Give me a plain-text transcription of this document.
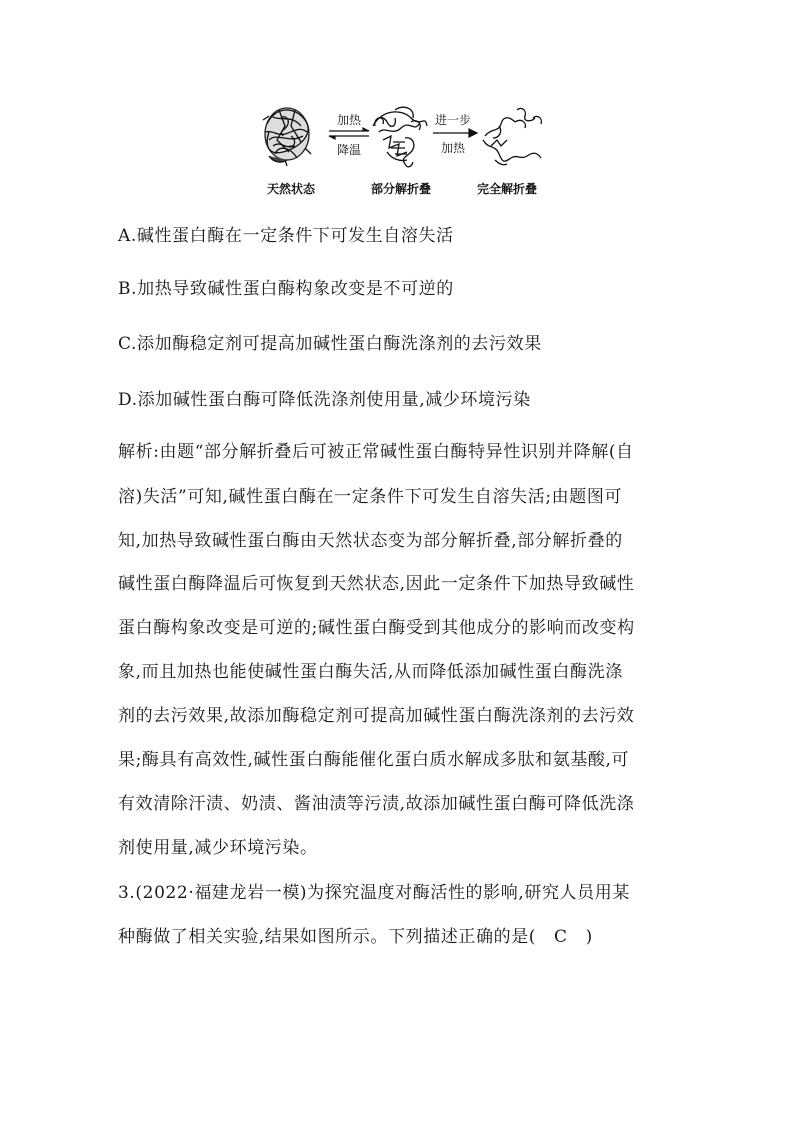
加热
降温
进一步
加热
天然状态	部分解折叠	完全解折叠
A.碱性蛋白酶在一定条件下可发生自溶失活
B.加热导致碱性蛋白酶构象改变是不可逆的
C.添加酶稳定剂可提高加碱性蛋白酶洗涤剂的去污效果
D.添加碱性蛋白酶可降低洗涤剂使用量,减少环境污染
解析:由题“部分解折叠后可被正常碱性蛋白酶特异性识别并降解(自
溶)失活”可知,碱性蛋白酶在一定条件下可发生自溶失活;由题图可
知,加热导致碱性蛋白酶由天然状态变为部分解折叠,部分解折叠的
碱性蛋白酶降温后可恢复到天然状态,因此一定条件下加热导致碱性
蛋白酶构象改变是可逆的;碱性蛋白酶受到其他成分的影响而改变构
象,而且加热也能使碱性蛋白酶失活,从而降低添加碱性蛋白酶洗涤
剂的去污效果,故添加酶稳定剂可提高加碱性蛋白酶洗涤剂的去污效
果;酶具有高效性,碱性蛋白酶能催化蛋白质水解成多肽和氨基酸,可
有效清除汗渍、奶渍、酱油渍等污渍,故添加碱性蛋白酶可降低洗涤
剂使用量,减少环境污染。
3.(2022·福建龙岩一模)为探究温度对酶活性的影响,研究人员用某
种酶做了相关实验,结果如图所示。下列描述正确的是( C )
